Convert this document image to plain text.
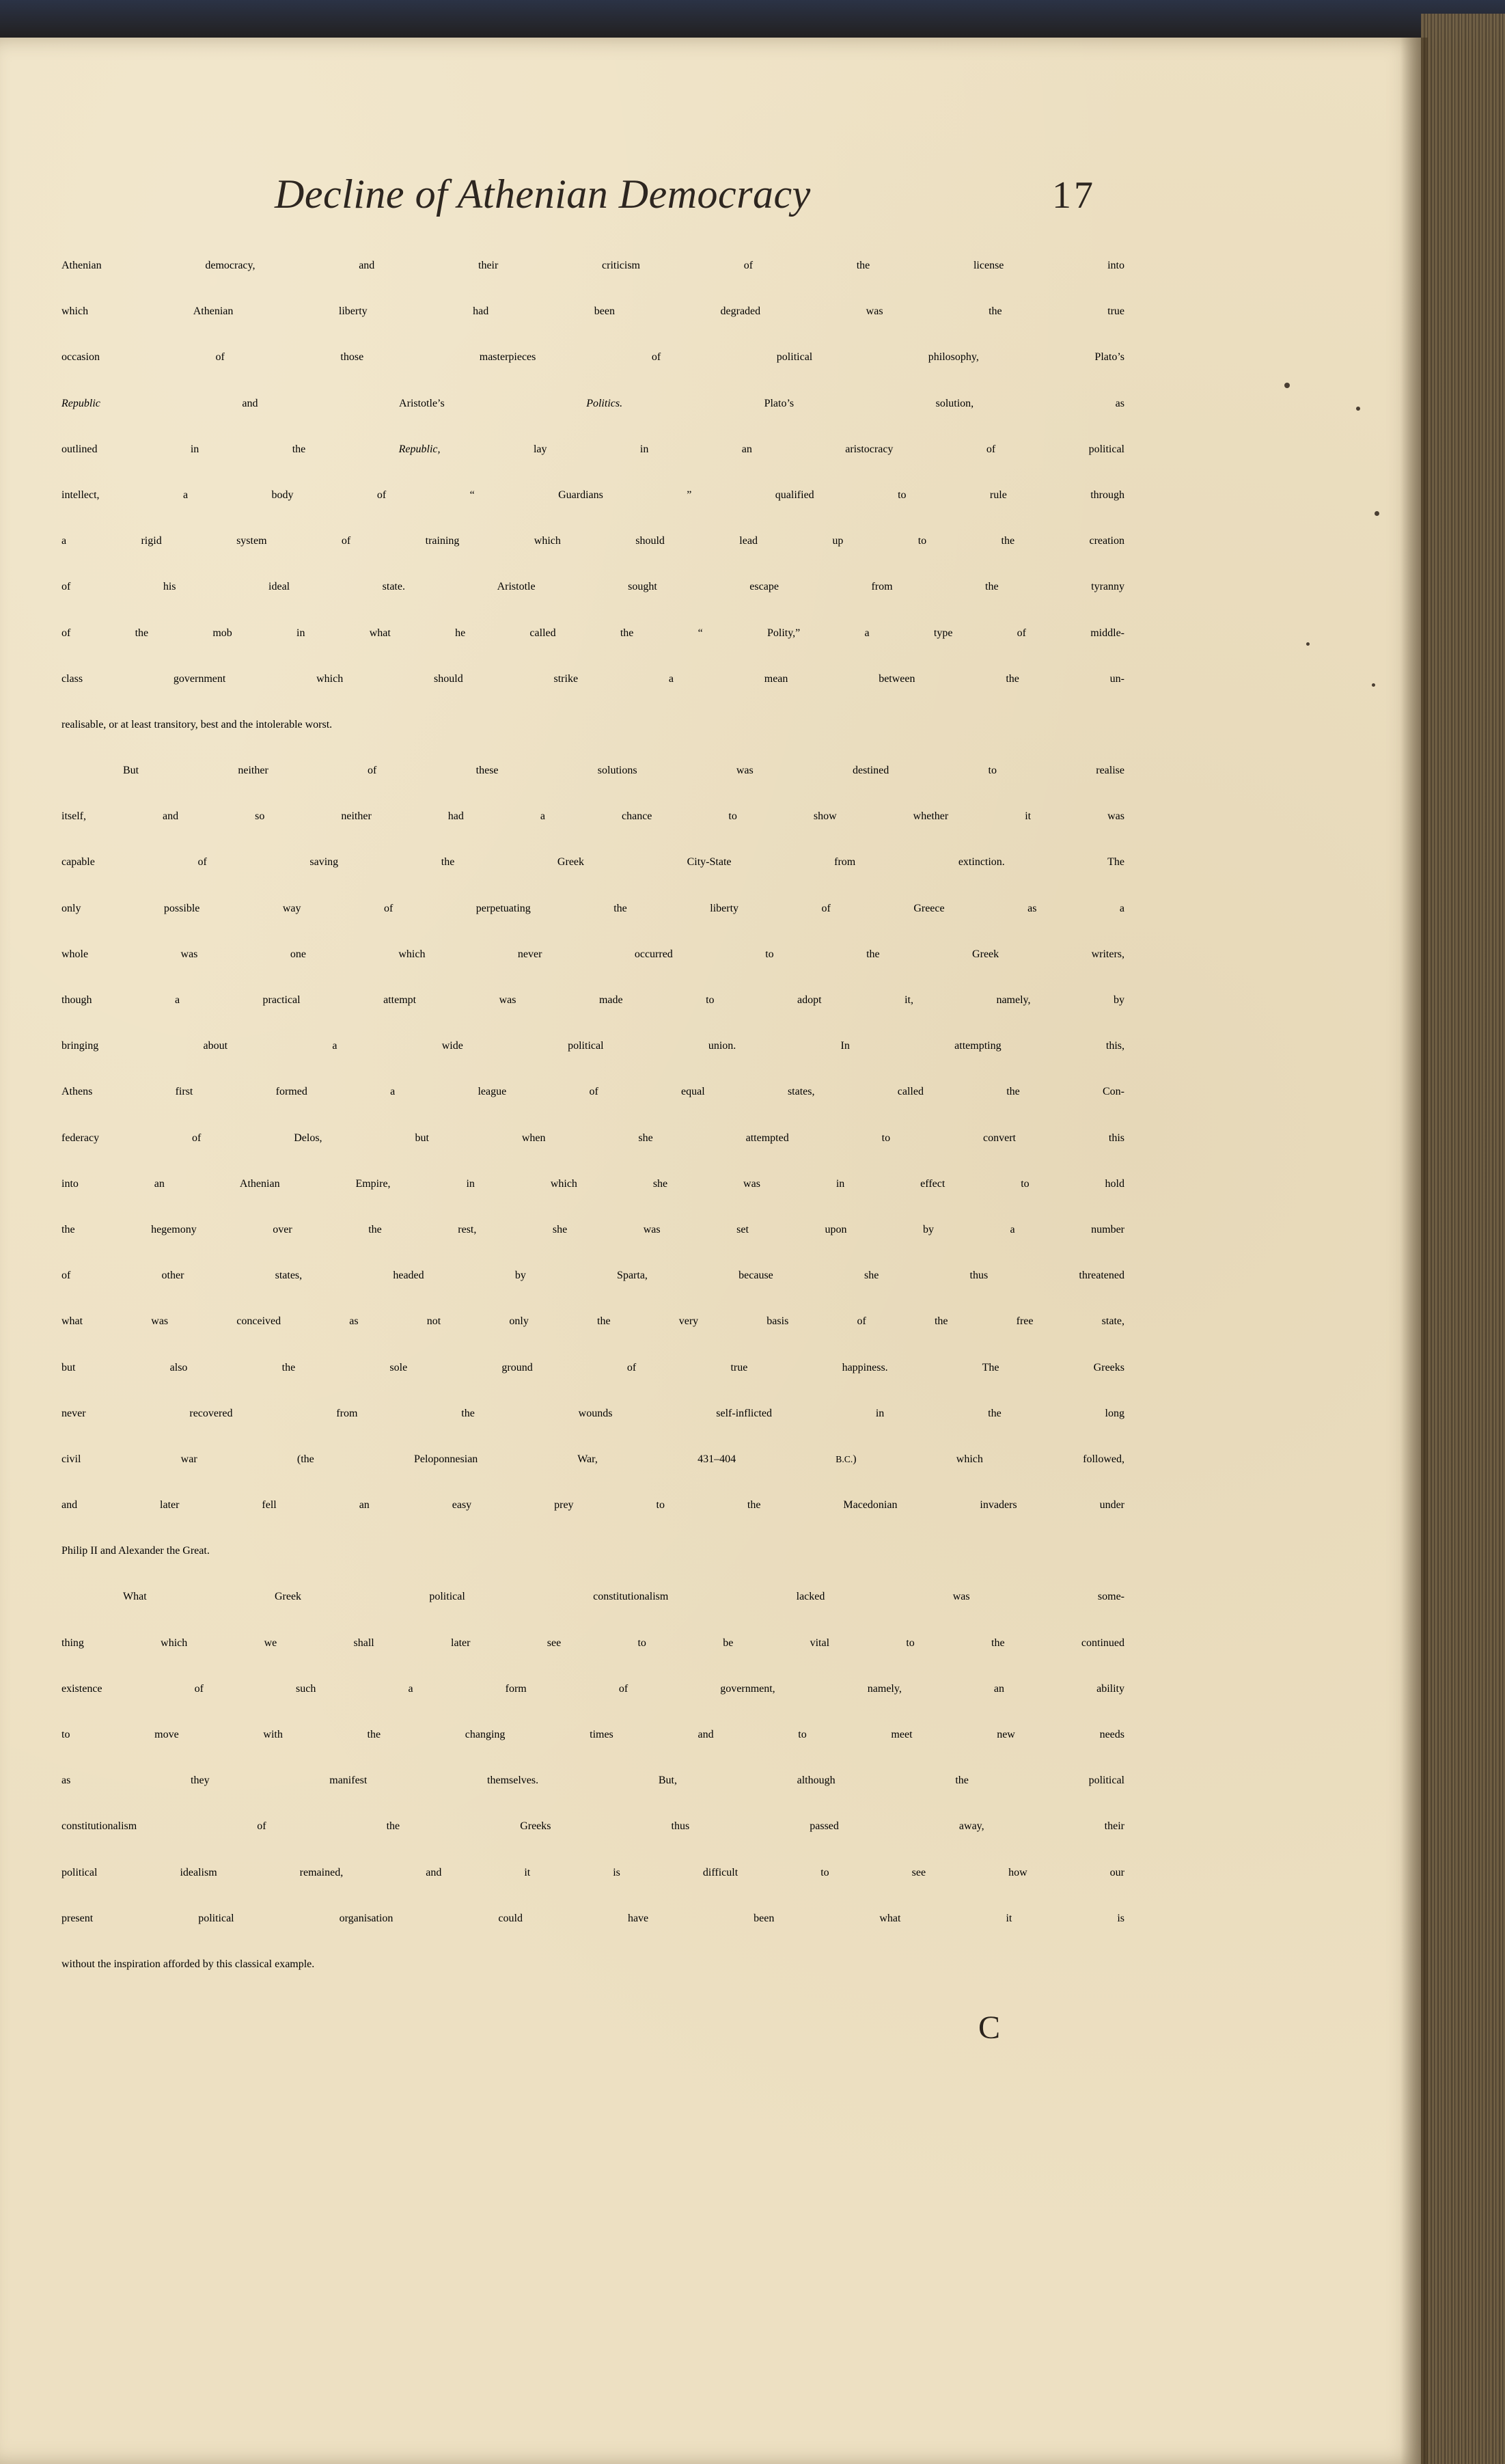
Decline of Athenian Democracy	17
Athenian democracy, and their criticism of the license into
which Athenian liberty had been degraded was the true
occasion of those masterpieces of political philosophy, Plato’s
Republic and Aristotle’s Politics. Plato’s solution, as
outlined in the Republic, lay in an aristocracy of political
intellect, a body of “ Guardians ” qualified to rule through
a rigid system of training which should lead up to the creation
of his ideal state. Aristotle sought escape from the tyranny
of the mob in what he called the “ Polity,” a type of middle-
class government which should strike a mean between the un-
realisable, or at least transitory, best and the intolerable worst.
But neither of these solutions was destined to realise
itself, and so neither had a chance to show whether it was
capable of saving the Greek City-State from extinction. The
only possible way of perpetuating the liberty of Greece as a
whole was one which never occurred to the Greek writers,
though a practical attempt was made to adopt it, namely, by
bringing about a wide political union. In attempting this,
Athens first formed a league of equal states, called the Con-
federacy of Delos, but when she attempted to convert this
into an Athenian Empire, in which she was in effect to hold
the hegemony over the rest, she was set upon by a number
of other states, headed by Sparta, because she thus threatened
what was conceived as not only the very basis of the free state,
but also the sole ground of true happiness. The Greeks
never recovered from the wounds self-inflicted in the long
civil war (the Peloponnesian War, 431–404 B.C.) which followed,
and later fell an easy prey to the Macedonian invaders under
Philip II and Alexander the Great.
What Greek political constitutionalism lacked was some-
thing which we shall later see to be vital to the continued
existence of such a form of government, namely, an ability
to move with the changing times and to meet new needs
as they manifest themselves. But, although the political
constitutionalism of the Greeks thus passed away, their
political idealism remained, and it is difficult to see how our
present political organisation could have been what it is
without the inspiration afforded by this classical example.
C
